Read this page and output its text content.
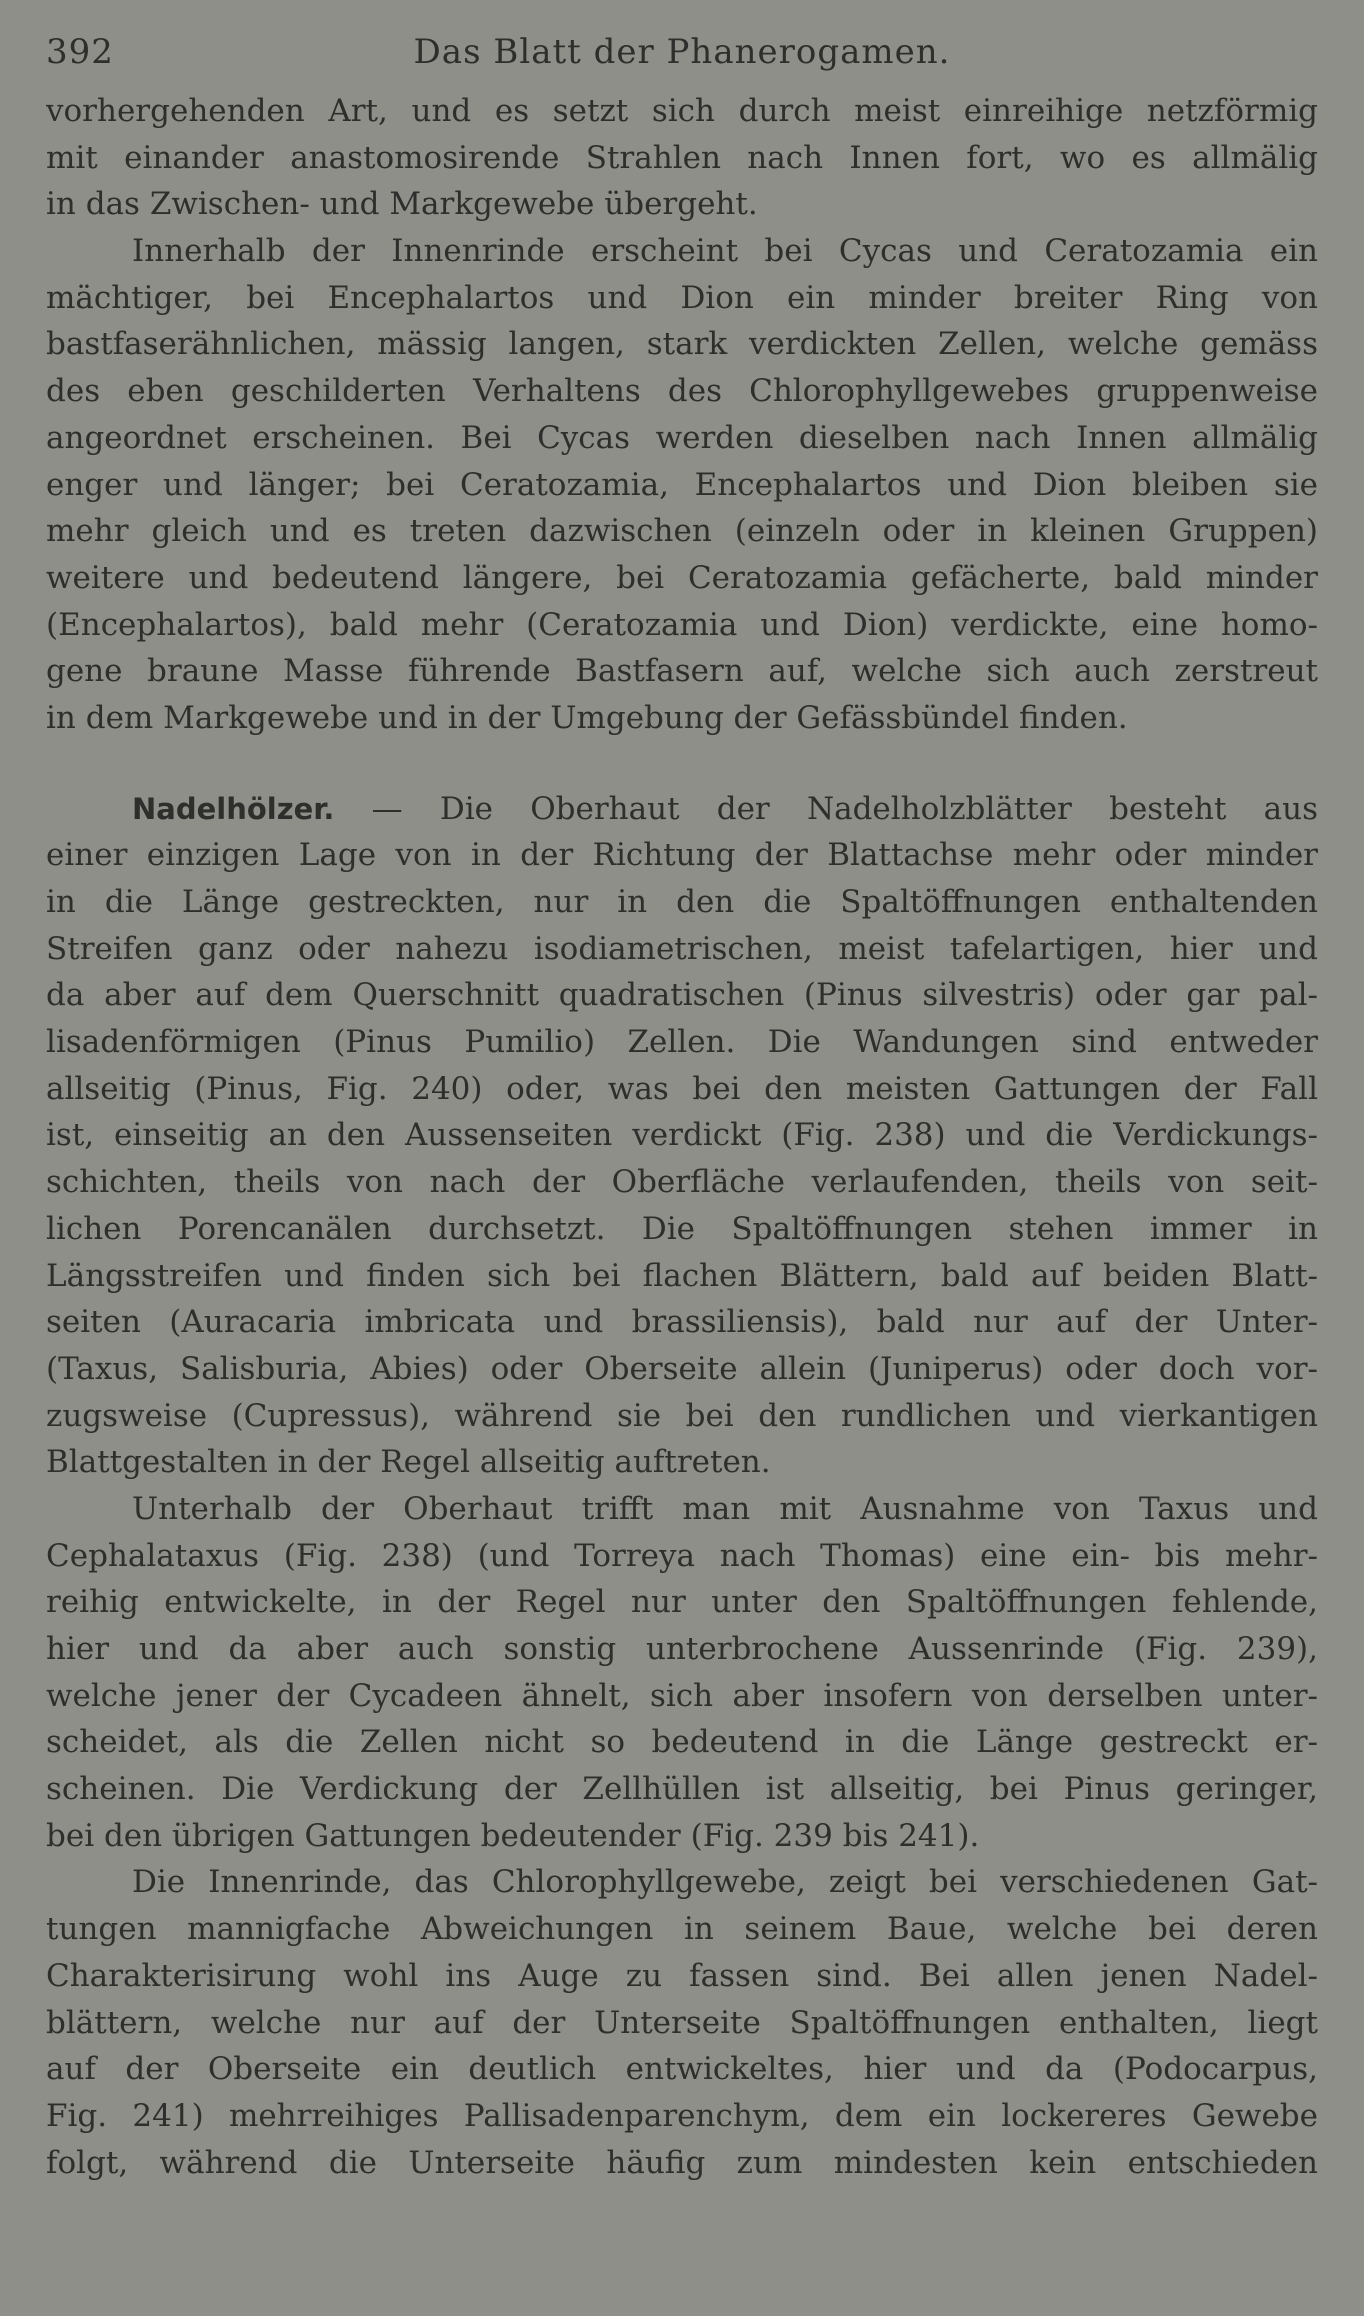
392	Das Blatt der Phanerogamen.
vorhergehenden Art, und es setzt sich durch meist einreihige netzförmig
mit einander anastomosirende Strahlen nach Innen fort, wo es allmälig
in das Zwischen- und Markgewebe übergeht.
Innerhalb der Innenrinde erscheint bei Cycas und Ceratozamia ein
mächtiger, bei Encephalartos und Dion ein minder breiter Ring von
bastfaserähnlichen, mässig langen, stark verdickten Zellen, welche gemäss
des eben geschilderten Verhaltens des Chlorophyllgewebes gruppenweise
angeordnet erscheinen. Bei Cycas werden dieselben nach Innen allmälig
enger und länger; bei Ceratozamia, Encephalartos und Dion bleiben sie
mehr gleich und es treten dazwischen (einzeln oder in kleinen Gruppen)
weitere und bedeutend längere, bei Ceratozamia gefächerte, bald minder
(Encephalartos), bald mehr (Ceratozamia und Dion) verdickte, eine homo-
gene braune Masse führende Bastfasern auf, welche sich auch zerstreut
in dem Markgewebe und in der Umgebung der Gefässbündel finden.
Nadelhölzer. — Die Oberhaut der Nadelholzblätter besteht aus
einer einzigen Lage von in der Richtung der Blattachse mehr oder minder
in die Länge gestreckten, nur in den die Spaltöffnungen enthaltenden
Streifen ganz oder nahezu isodiametrischen, meist tafelartigen, hier und
da aber auf dem Querschnitt quadratischen (Pinus silvestris) oder gar pal-
lisadenförmigen (Pinus Pumilio) Zellen. Die Wandungen sind entweder
allseitig (Pinus, Fig. 240) oder, was bei den meisten Gattungen der Fall
ist, einseitig an den Aussenseiten verdickt (Fig. 238) und die Verdickungs-
schichten, theils von nach der Oberfläche verlaufenden, theils von seit-
lichen Porencanälen durchsetzt. Die Spaltöffnungen stehen immer in
Längsstreifen und finden sich bei flachen Blättern, bald auf beiden Blatt-
seiten (Auracaria imbricata und brassiliensis), bald nur auf der Unter-
(Taxus, Salisburia, Abies) oder Oberseite allein (Juniperus) oder doch vor-
zugsweise (Cupressus), während sie bei den rundlichen und vierkantigen
Blattgestalten in der Regel allseitig auftreten.
Unterhalb der Oberhaut trifft man mit Ausnahme von Taxus und
Cephalataxus (Fig. 238) (und Torreya nach Thomas) eine ein- bis mehr-
reihig entwickelte, in der Regel nur unter den Spaltöffnungen fehlende,
hier und da aber auch sonstig unterbrochene Aussenrinde (Fig. 239),
welche jener der Cycadeen ähnelt, sich aber insofern von derselben unter-
scheidet, als die Zellen nicht so bedeutend in die Länge gestreckt er-
scheinen. Die Verdickung der Zellhüllen ist allseitig, bei Pinus geringer,
bei den übrigen Gattungen bedeutender (Fig. 239 bis 241).
Die Innenrinde, das Chlorophyllgewebe, zeigt bei verschiedenen Gat-
tungen mannigfache Abweichungen in seinem Baue, welche bei deren
Charakterisirung wohl ins Auge zu fassen sind. Bei allen jenen Nadel-
blättern, welche nur auf der Unterseite Spaltöffnungen enthalten, liegt
auf der Oberseite ein deutlich entwickeltes, hier und da (Podocarpus,
Fig. 241) mehrreihiges Pallisadenparenchym, dem ein lockereres Gewebe
folgt, während die Unterseite häufig zum mindesten kein entschieden
